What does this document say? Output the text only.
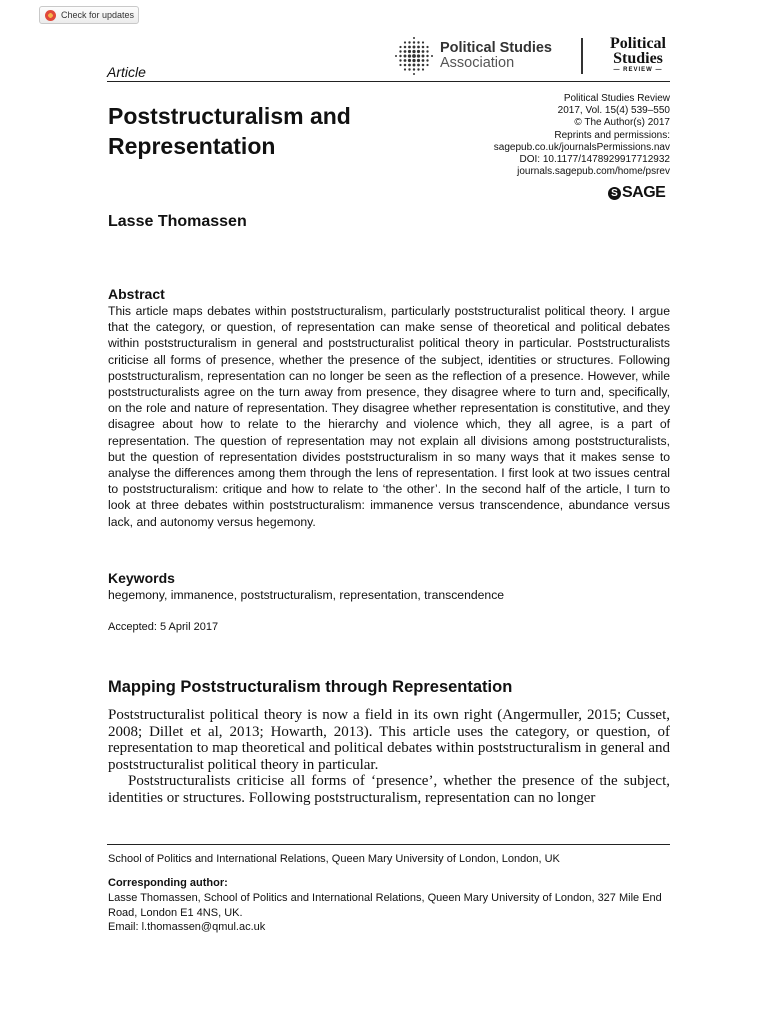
Check for updates
Article
Political Studies
Association
Political
Studies
— REVIEW —
Poststructuralism and Representation
Political Studies Review
2017, Vol. 15(4) 539–550
© The Author(s) 2017
Reprints and permissions:
sagepub.co.uk/journalsPermissions.nav
DOI: 10.1177/1478929917712932
journals.sagepub.com/home/psrev
S SAGE
Lasse Thomassen
Abstract
This article maps debates within poststructuralism, particularly poststructuralist political theory. I argue that the category, or question, of representation can make sense of theoretical and political debates within poststructuralism in general and poststructuralist political theory in particular. Poststructuralists criticise all forms of presence, whether the presence of the subject, identities or structures. Following poststructuralism, representation can no longer be seen as the reflection of a presence. However, while poststructuralists agree on the turn away from presence, they disagree where to turn and, specifically, on the role and nature of representation. They disagree whether representation is constitutive, and they disagree about how to relate to the hierarchy and violence which, they all agree, is a part of representation. The question of representation may not explain all divisions among poststructuralists, but the question of representation divides poststructuralism in so many ways that it makes sense to analyse the differences among them through the lens of representation. I first look at two issues central to poststructuralism: critique and how to relate to ‘the other’. In the second half of the article, I turn to look at three debates within poststructuralism: immanence versus transcendence, abundance versus lack, and autonomy versus hegemony.
Keywords
hegemony, immanence, poststructuralism, representation, transcendence
Accepted: 5 April 2017
Mapping Poststructuralism through Representation

Poststructuralist political theory is now a field in its own right (Angermuller, 2015; Cusset, 2008; Dillet et al, 2013; Howarth, 2013). This article uses the category, or question, of representation to map theoretical and political debates within poststructuralism in general and poststructuralist political theory in particular.

Poststructuralists criticise all forms of ‘presence’, whether the presence of the subject, identities or structures. Following poststructuralism, representation can no longer

School of Politics and International Relations, Queen Mary University of London, London, UK
Corresponding author:
Lasse Thomassen, School of Politics and International Relations, Queen Mary University of London, 327 Mile End Road, London E1 4NS, UK.
Email: l.thomassen@qmul.ac.uk
